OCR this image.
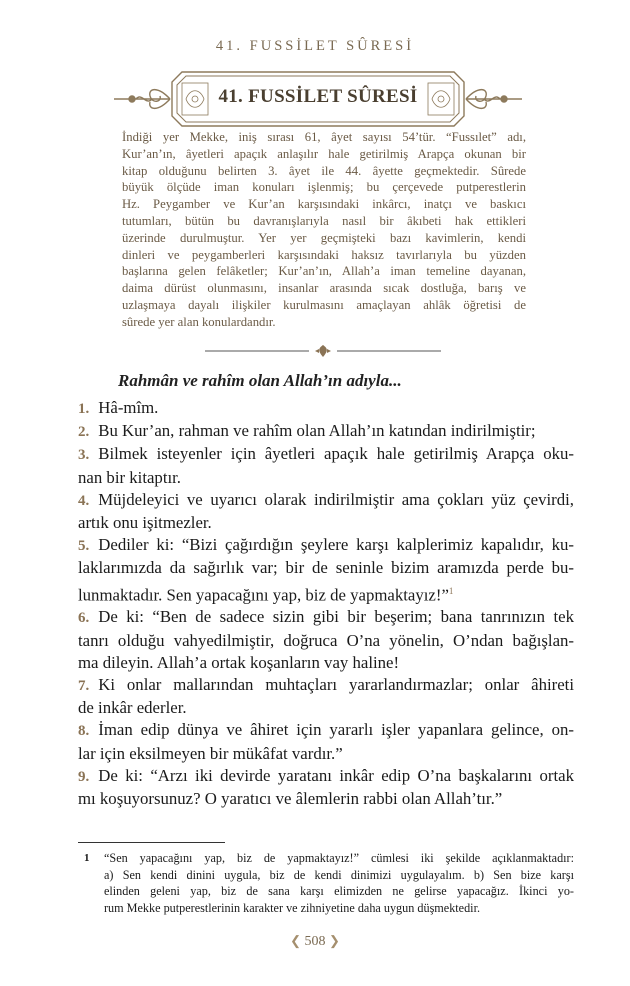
41. FUSSİLET SÛRESİ
41. FUSSİLET SÛRESİ
İndiği yer Mekke, iniş sırası 61, âyet sayısı 54’tür. “Fussılet” adı,
Kur’an’ın, âyetleri apaçık anlaşılır hale getirilmiş Arapça okunan bir
kitap olduğunu belirten 3. âyet ile 44. âyette geçmektedir. Sûrede
büyük ölçüde iman konuları işlenmiş; bu çerçevede putperestlerin
Hz. Peygamber ve Kur’an karşısındaki inkârcı, inatçı ve baskıcı
tutumları, bütün bu davranışlarıyla nasıl bir âkıbeti hak ettikleri
üzerinde durulmuştur. Yer yer geçmişteki bazı kavimlerin, kendi
dinleri ve peygamberleri karşısındaki haksız tavırlarıyla bu yüzden
başlarına gelen felâketler; Kur’an’ın, Allah’a iman temeline dayanan,
daima dürüst olunmasını, insanlar arasında sıcak dostluğa, barış ve
uzlaşmaya dayalı ilişkiler kurulmasını amaçlayan ahlâk öğretisi de
sûrede yer alan konulardandır.
Rahmân ve rahîm olan Allah’ın adıyla...
1. Hâ-mîm.
2. Bu Kur’an, rahman ve rahîm olan Allah’ın katından indirilmiştir;
3. Bilmek isteyenler için âyetleri apaçık hale getirilmiş Arapça oku-
nan bir kitaptır.
4. Müjdeleyici ve uyarıcı olarak indirilmiştir ama çokları yüz çevirdi,
artık onu işitmezler.
5. Dediler ki: “Bizi çağırdığın şeylere karşı kalplerimiz kapalıdır, ku-
laklarımızda da sağırlık var; bir de seninle bizim aramızda perde bu-
lunmaktadır. Sen yapacağını yap, biz de yapmaktayız!”$^1$
6. De ki: “Ben de sadece sizin gibi bir beşerim; bana tanrınızın tek
tanrı olduğu vahyedilmiştir, doğruca O’na yönelin, O’ndan bağışlan-
ma dileyin. Allah’a ortak koşanların vay haline!
7. Ki onlar mallarından muhtaçları yararlandırmazlar; onlar âhireti
de inkâr ederler.
8. İman edip dünya ve âhiret için yararlı işler yapanlara gelince, on-
lar için eksilmeyen bir mükâfat vardır.”
9. De ki: “Arzı iki devirde yaratanı inkâr edip O’na başkalarını ortak
mı koşuyorsunuz? O yaratıcı ve âlemlerin rabbi olan Allah’tır.”
1 “Sen yapacağını yap, biz de yapmaktayız!” cümlesi iki şekilde açıklanmaktadır:
a) Sen kendi dinini uygula, biz de kendi dinimizi uygulayalım. b) Sen bize karşı
elinden geleni yap, biz de sana karşı elimizden ne gelirse yapacağız. İkinci yo-
rum Mekke putperestlerinin karakter ve zihniyetine daha uygun düşmektedir.
❮ 508 ❯
